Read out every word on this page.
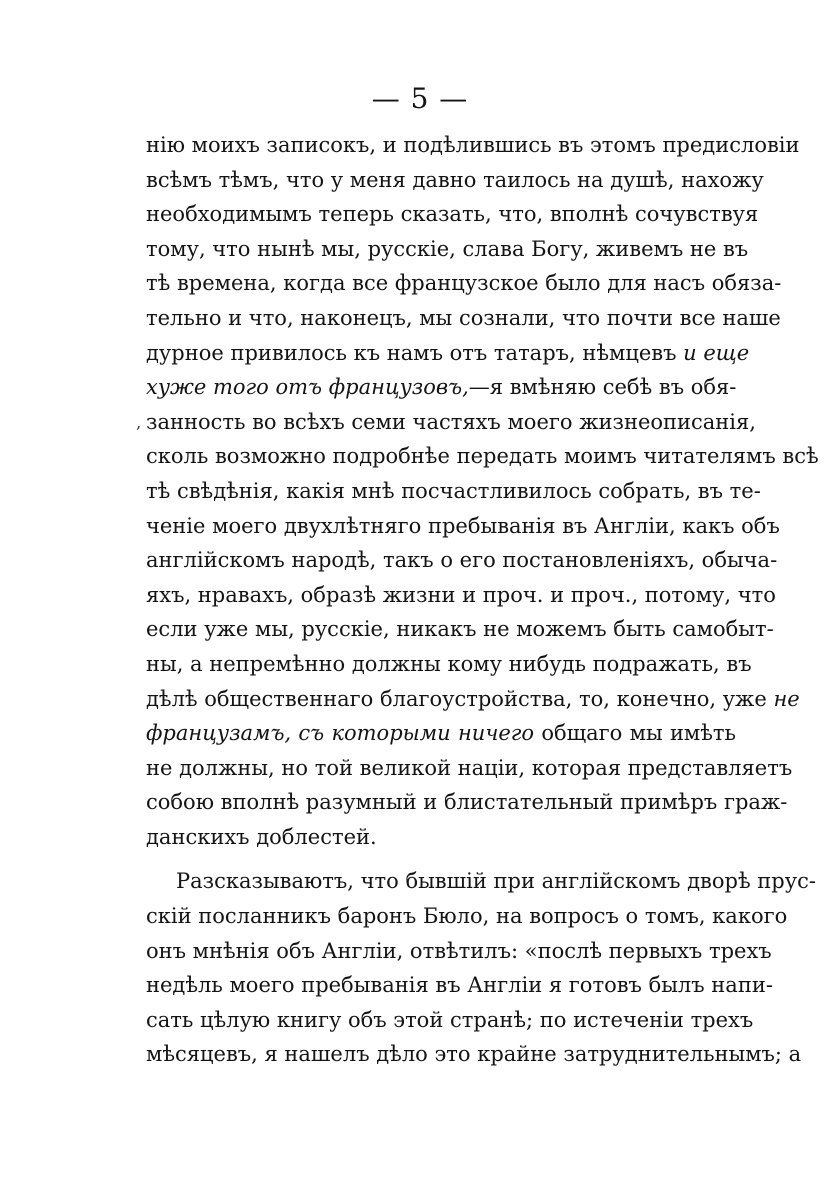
— 5 —
‚
нію моихъ записокъ, и подѣлившись въ этомъ предисловіи
всѣмъ тѣмъ, что у меня давно таилось на душѣ, нахожу
необходимымъ теперь сказать, что, вполнѣ сочувствуя
тому, что нынѣ мы, русскіе, слава Богу, живемъ не въ
тѣ времена, когда все французское было для насъ обяза-
тельно и что, наконецъ, мы сознали, что почти все наше
дурное привилось къ намъ отъ татаръ, нѣмцевъ и еще
хуже того отъ французовъ,—я вмѣняю себѣ въ обя-
занность во всѣхъ семи частяхъ моего жизнеописанія,
сколь возможно подробнѣе передать моимъ читателямъ всѣ
тѣ свѣдѣнія, какія мнѣ посчастливилось собрать, въ те-
ченіе моего двухлѣтняго пребыванія въ Англіи, какъ объ
англійскомъ народѣ, такъ о его постановленіяхъ, обыча-
яхъ, нравахъ, образѣ жизни и проч. и проч., потому, что
если уже мы, русскіе, никакъ не можемъ быть самобыт-
ны, а непремѣнно должны кому нибудь подражать, въ
дѣлѣ общественнаго благоустройства, то, конечно, уже не
французамъ, съ которыми ничего общаго мы имѣть
не должны, но той великой націи, которая представляетъ
собою вполнѣ разумный и блистательный примѣръ граж-
данскихъ доблестей.
Разсказываютъ, что бывшій при англійскомъ дворѣ прус-
скій посланникъ баронъ Бюло, на вопросъ о томъ, какого
онъ мнѣнія объ Англіи, отвѣтилъ: «послѣ первыхъ трехъ
недѣль моего пребыванія въ Англіи я готовъ былъ напи-
сать цѣлую книгу объ этой странѣ; по истеченіи трехъ
мѣсяцевъ, я нашелъ дѣло это крайне затруднительнымъ; а
